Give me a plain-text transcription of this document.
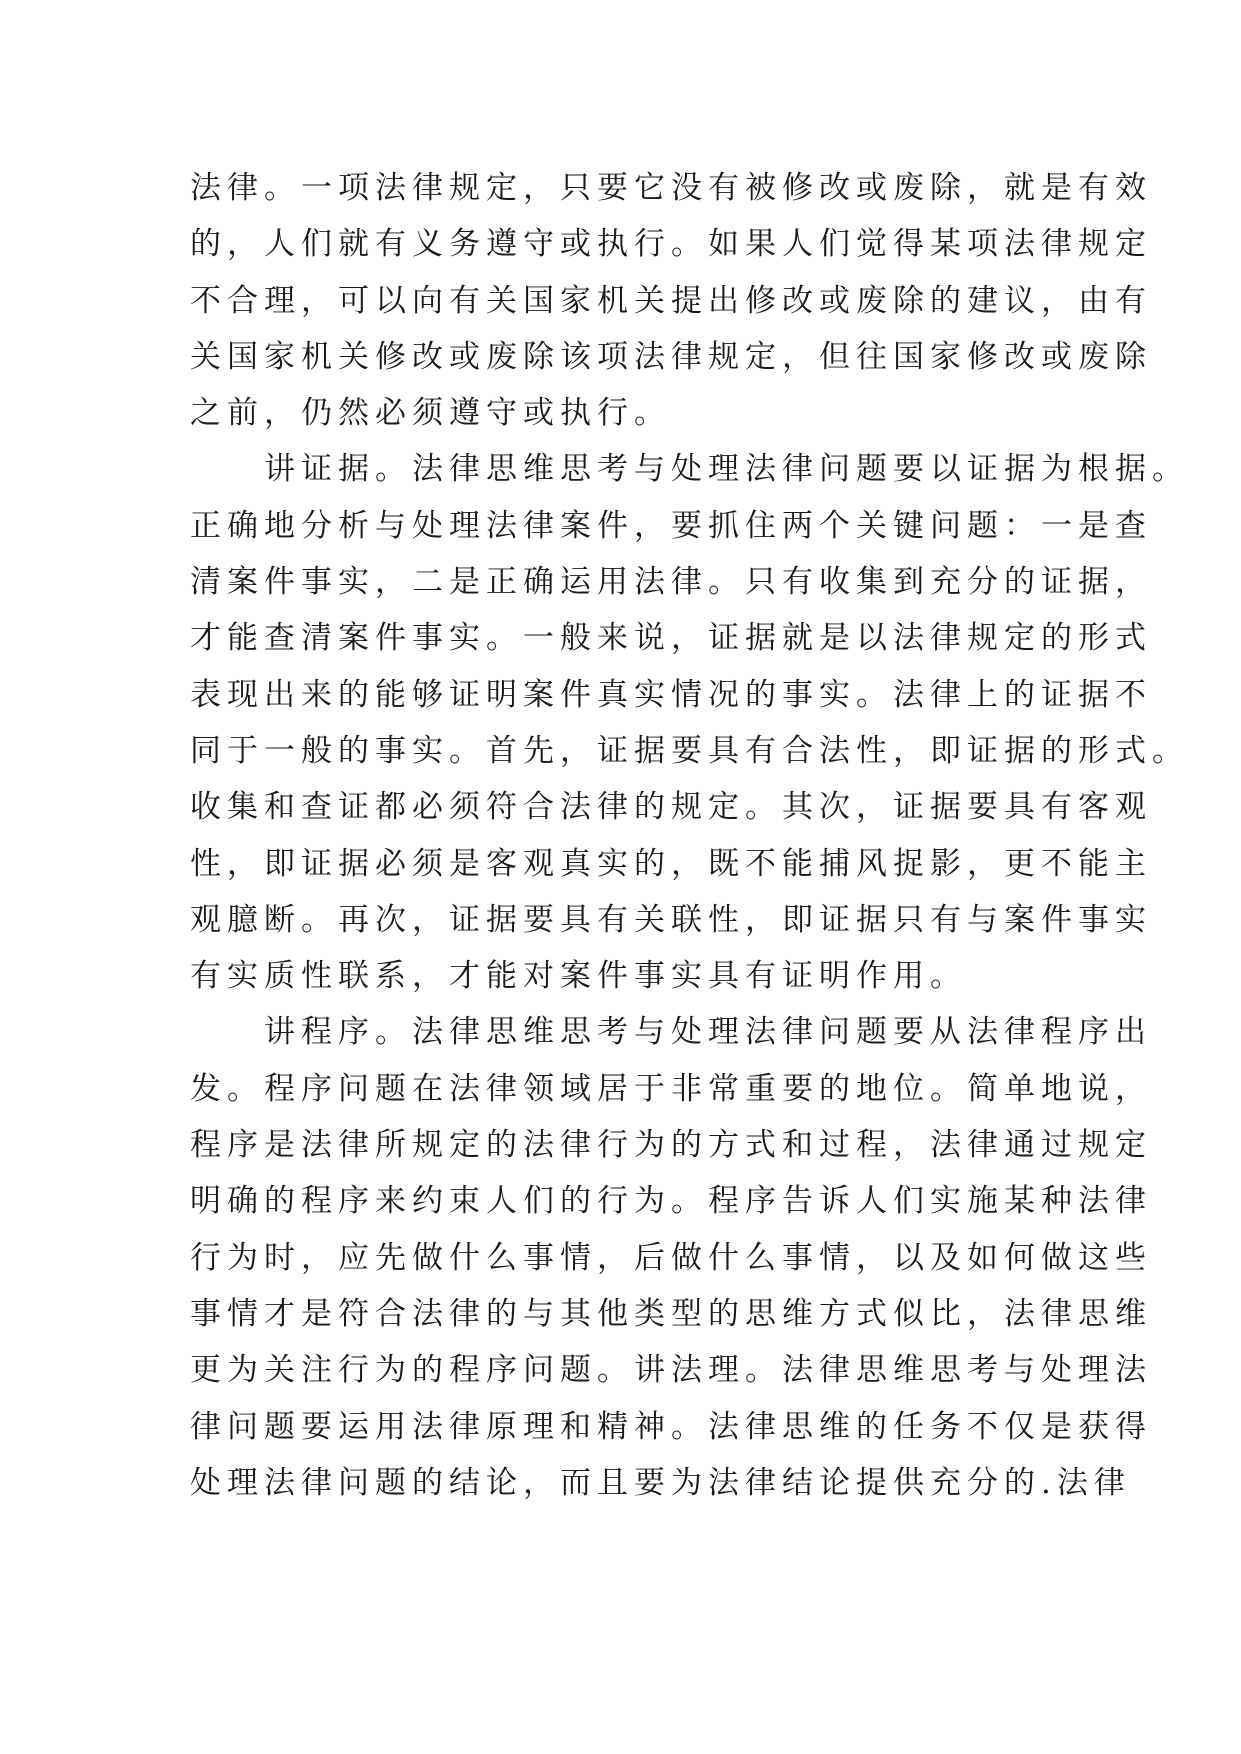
法律。一项法律规定，只要它没有被修改或废除，就是有效
的，人们就有义务遵守或执行。如果人们觉得某项法律规定
不合理，可以向有关国家机关提出修改或废除的建议，由有
关国家机关修改或废除该项法律规定，但往国家修改或废除
之前，仍然必须遵守或执行。
　　讲证据。法律思维思考与处理法律问题要以证据为根据。
正确地分析与处理法律案件，要抓住两个关键问题：一是查
清案件事实，二是正确运用法律。只有收集到充分的证据，
才能查清案件事实。一般来说，证据就是以法律规定的形式
表现出来的能够证明案件真实情况的事实。法律上的证据不
同于一般的事实。首先，证据要具有合法性，即证据的形式。
收集和查证都必须符合法律的规定。其次，证据要具有客观
性，即证据必须是客观真实的，既不能捕风捉影，更不能主
观臆断。再次，证据要具有关联性，即证据只有与案件事实
有实质性联系，才能对案件事实具有证明作用。
　　讲程序。法律思维思考与处理法律问题要从法律程序出
发。程序问题在法律领域居于非常重要的地位。简单地说，
程序是法律所规定的法律行为的方式和过程，法律通过规定
明确的程序来约束人们的行为。程序告诉人们实施某种法律
行为时，应先做什么事情，后做什么事情，以及如何做这些
事情才是符合法律的与其他类型的思维方式似比，法律思维
更为关注行为的程序问题。讲法理。法律思维思考与处理法
律问题要运用法律原理和精神。法律思维的任务不仅是获得
处理法律问题的结论，而且要为法律结论提供充分的.法律
